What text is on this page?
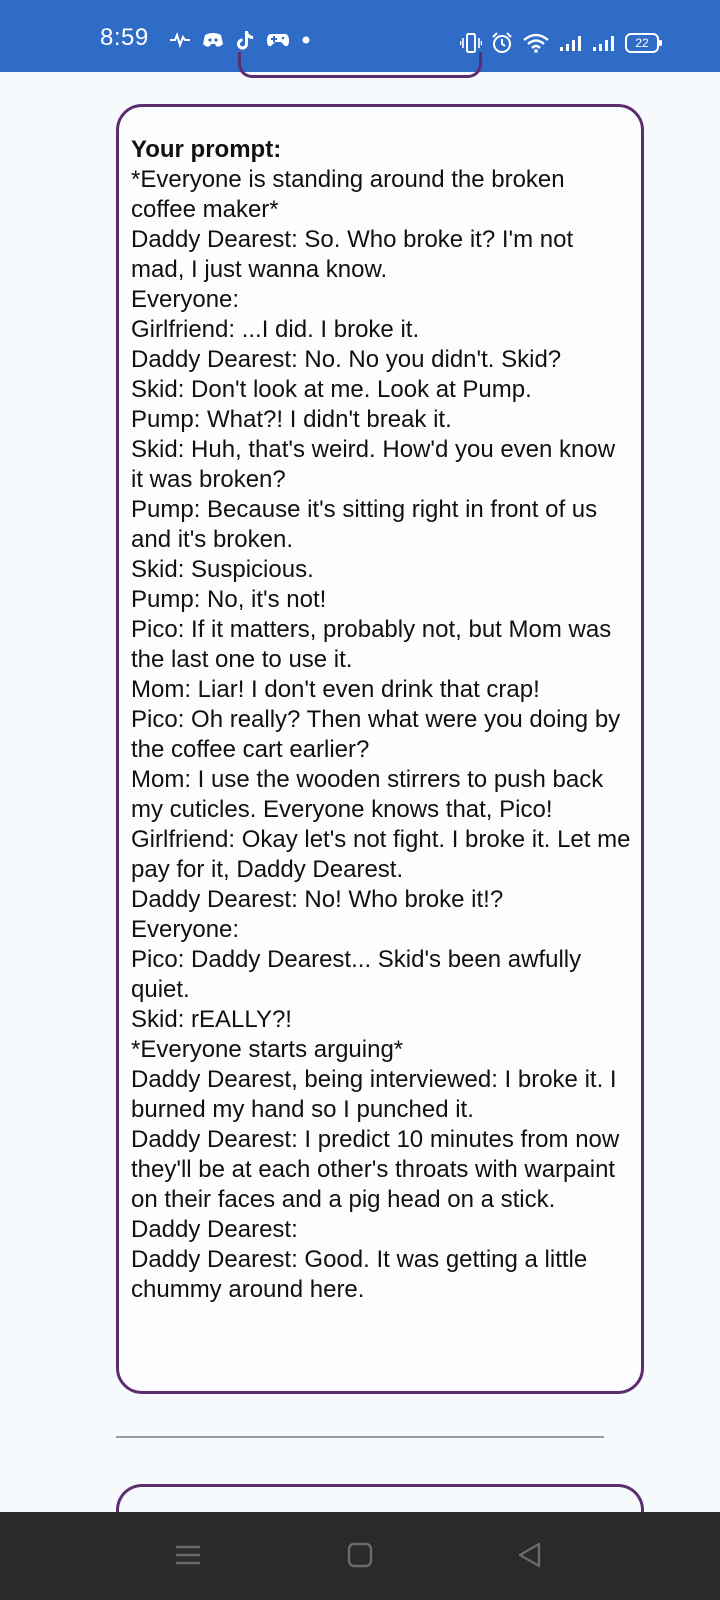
8:59	22
Your prompt:
*Everyone is standing around the broken coffee maker*
Daddy Dearest: So. Who broke it? I'm not mad, I just wanna know.
Everyone:
Girlfriend: ...I did. I broke it.
Daddy Dearest: No. No you didn't. Skid?
Skid: Don't look at me. Look at Pump.
Pump: What?! I didn't break it.
Skid: Huh, that's weird. How'd you even know it was broken?
Pump: Because it's sitting right in front of us and it's broken.
Skid: Suspicious.
Pump: No, it's not!
Pico: If it matters, probably not, but Mom was the last one to use it.
Mom: Liar! I don't even drink that crap!
Pico: Oh really? Then what were you doing by the coffee cart earlier?
Mom: I use the wooden stirrers to push back my cuticles. Everyone knows that, Pico!
Girlfriend: Okay let's not fight. I broke it. Let me pay for it, Daddy Dearest.
Daddy Dearest: No! Who broke it!?
Everyone:
Pico: Daddy Dearest... Skid's been awfully quiet.
Skid: rEALLY?!
*Everyone starts arguing*
Daddy Dearest, being interviewed: I broke it. I burned my hand so I punched it.
Daddy Dearest: I predict 10 minutes from now they'll be at each other's throats with warpaint on their faces and a pig head on a stick.
Daddy Dearest:
Daddy Dearest: Good. It was getting a little chummy around here.
